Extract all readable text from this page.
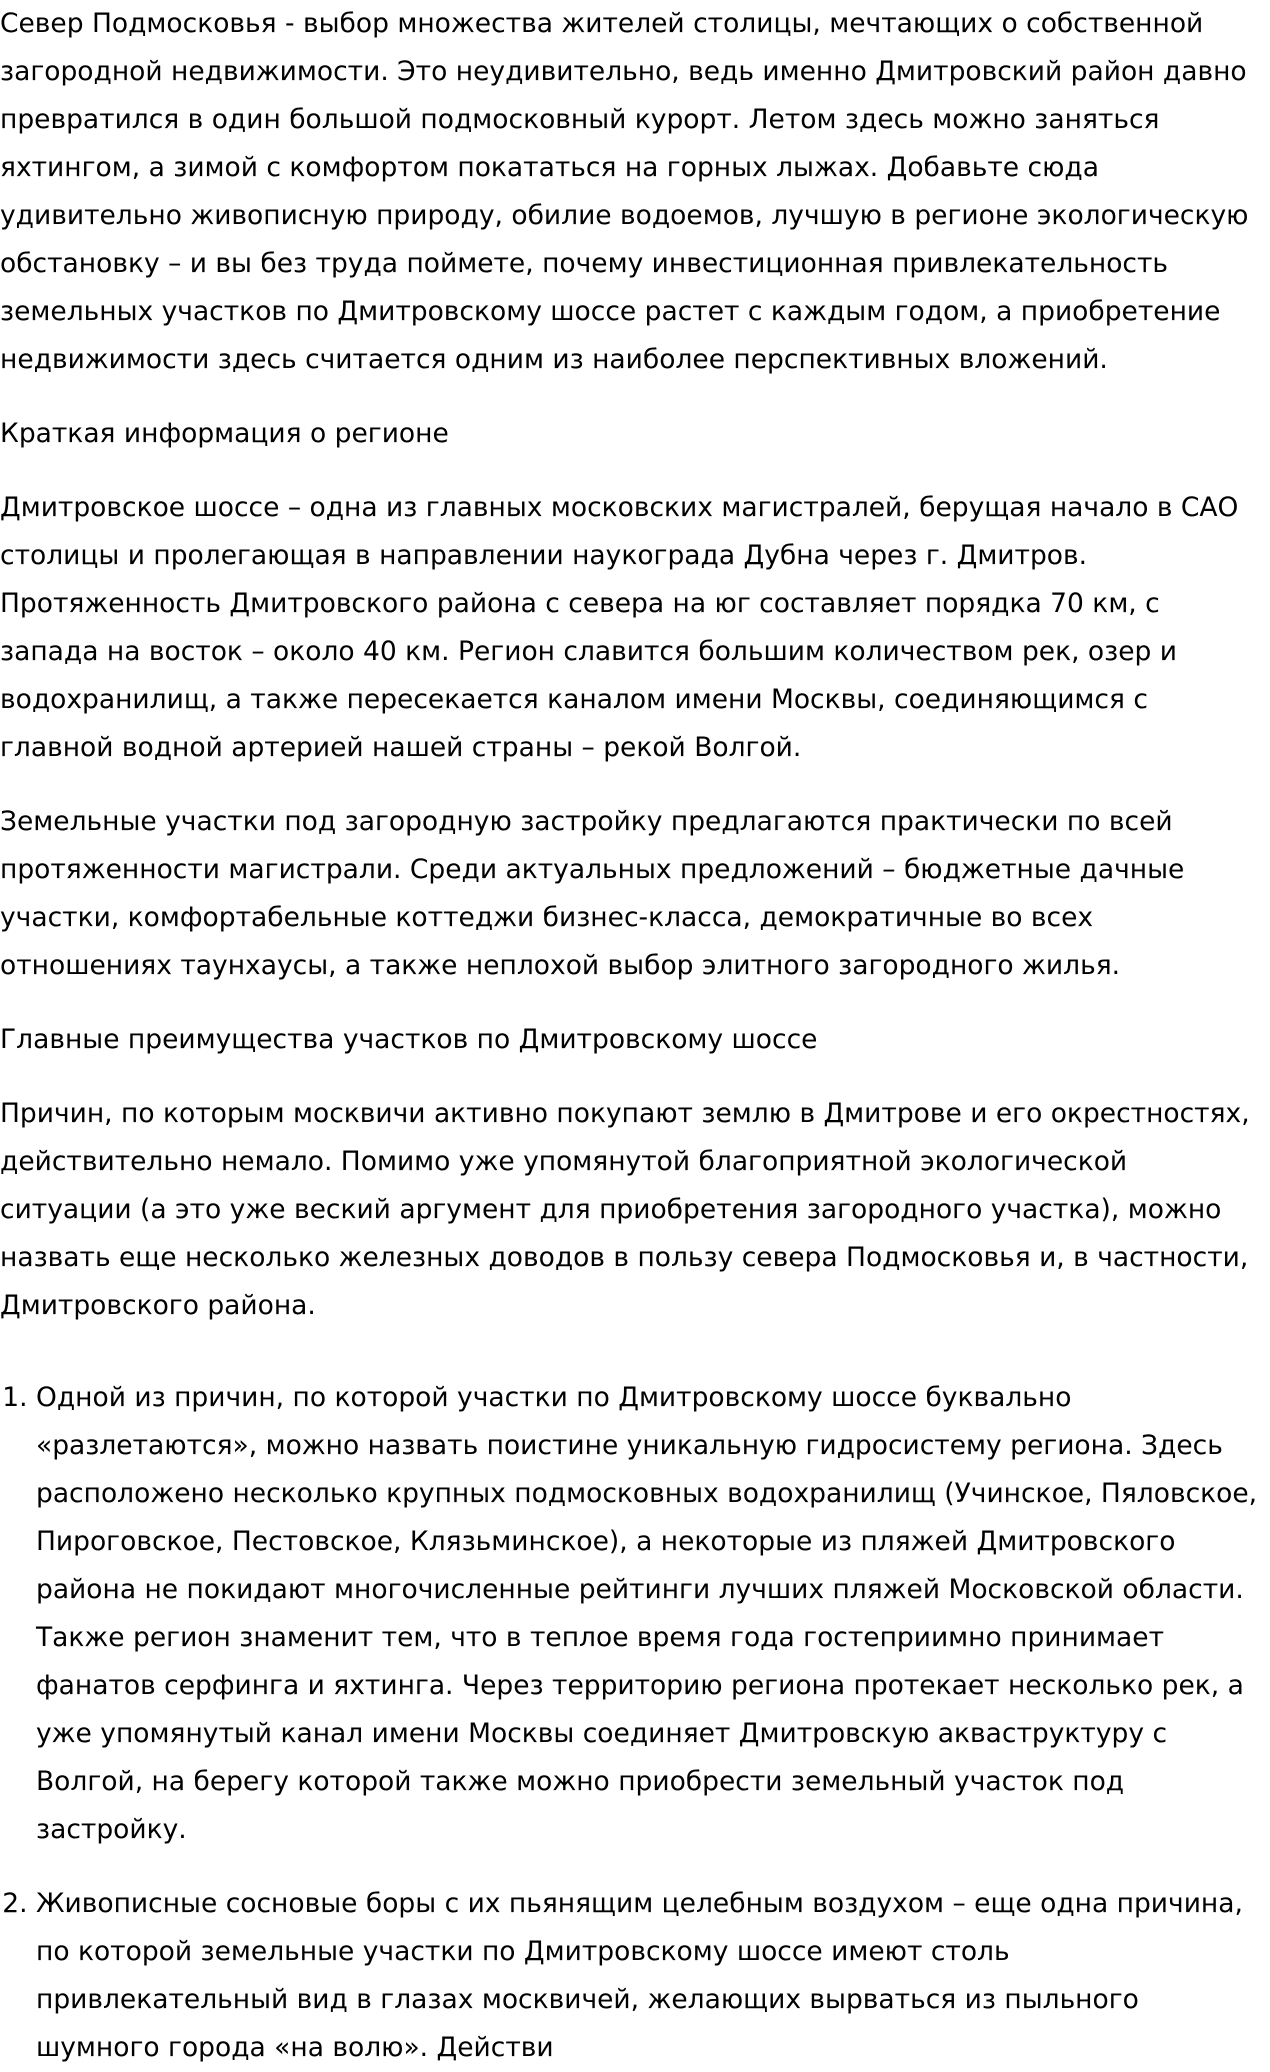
Север Подмосковья - выбор множества жителей столицы, мечтающих о собственной загородной недвижимости. Это неудивительно, ведь именно Дмитровский район давно превратился в один большой подмосковный курорт. Летом здесь можно заняться яхтингом, а зимой с комфортом покататься на горных лыжах. Добавьте сюда удивительно живописную природу, обилие водоемов, лучшую в регионе экологическую обстановку – и вы без труда поймете, почему инвестиционная привлекательность земельных участков по Дмитровскому шоссе растет с каждым годом, а приобретение недвижимости здесь считается одним из наиболее перспективных вложений.

Краткая информация о регионе

Дмитровское шоссе – одна из главных московских магистралей, берущая начало в САО столицы и пролегающая в направлении наукограда Дубна через г. Дмитров. Протяженность Дмитровского района с севера на юг составляет порядка 70 км, с запада на восток – около 40 км. Регион славится большим количеством рек, озер и водохранилищ, а также пересекается каналом имени Москвы, соединяющимся с главной водной артерией нашей страны – рекой Волгой.

Земельные участки под загородную застройку предлагаются практически по всей протяженности магистрали. Среди актуальных предложений – бюджетные дачные участки, комфортабельные коттеджи бизнес-класса, демократичные во всех отношениях таунхаусы, а также неплохой выбор элитного загородного жилья.

Главные преимущества участков по Дмитровскому шоссе

Причин, по которым москвичи активно покупают землю в Дмитрове и его окрестностях, действительно немало. Помимо уже упомянутой благоприятной экологической ситуации (а это уже веский аргумент для приобретения загородного участка), можно назвать еще несколько железных доводов в пользу севера Подмосковья и, в частности, Дмитровского района.

1. Одной из причин, по которой участки по Дмитровскому шоссе буквально «разлетаются», можно назвать поистине уникальную гидросистему региона. Здесь расположено несколько крупных подмосковных водохранилищ (Учинское, Пяловское, Пироговское, Пестовское, Клязьминское), а некоторые из пляжей Дмитровского района не покидают многочисленные рейтинги лучших пляжей Московской области. Также регион знаменит тем, что в теплое время года гостеприимно принимает фанатов серфинга и яхтинга. Через территорию региона протекает несколько рек, а уже упомянутый канал имени Москвы соединяет Дмитровскую акваструктуру с Волгой, на берегу которой также можно приобрести земельный участок под застройку.
2. Живописные сосновые боры с их пьянящим целебным воздухом – еще одна причина, по которой земельные участки по Дмитровскому шоссе имеют столь привлекательный вид в глазах москвичей, желающих вырваться из пыльного шумного города «на волю». Действи
